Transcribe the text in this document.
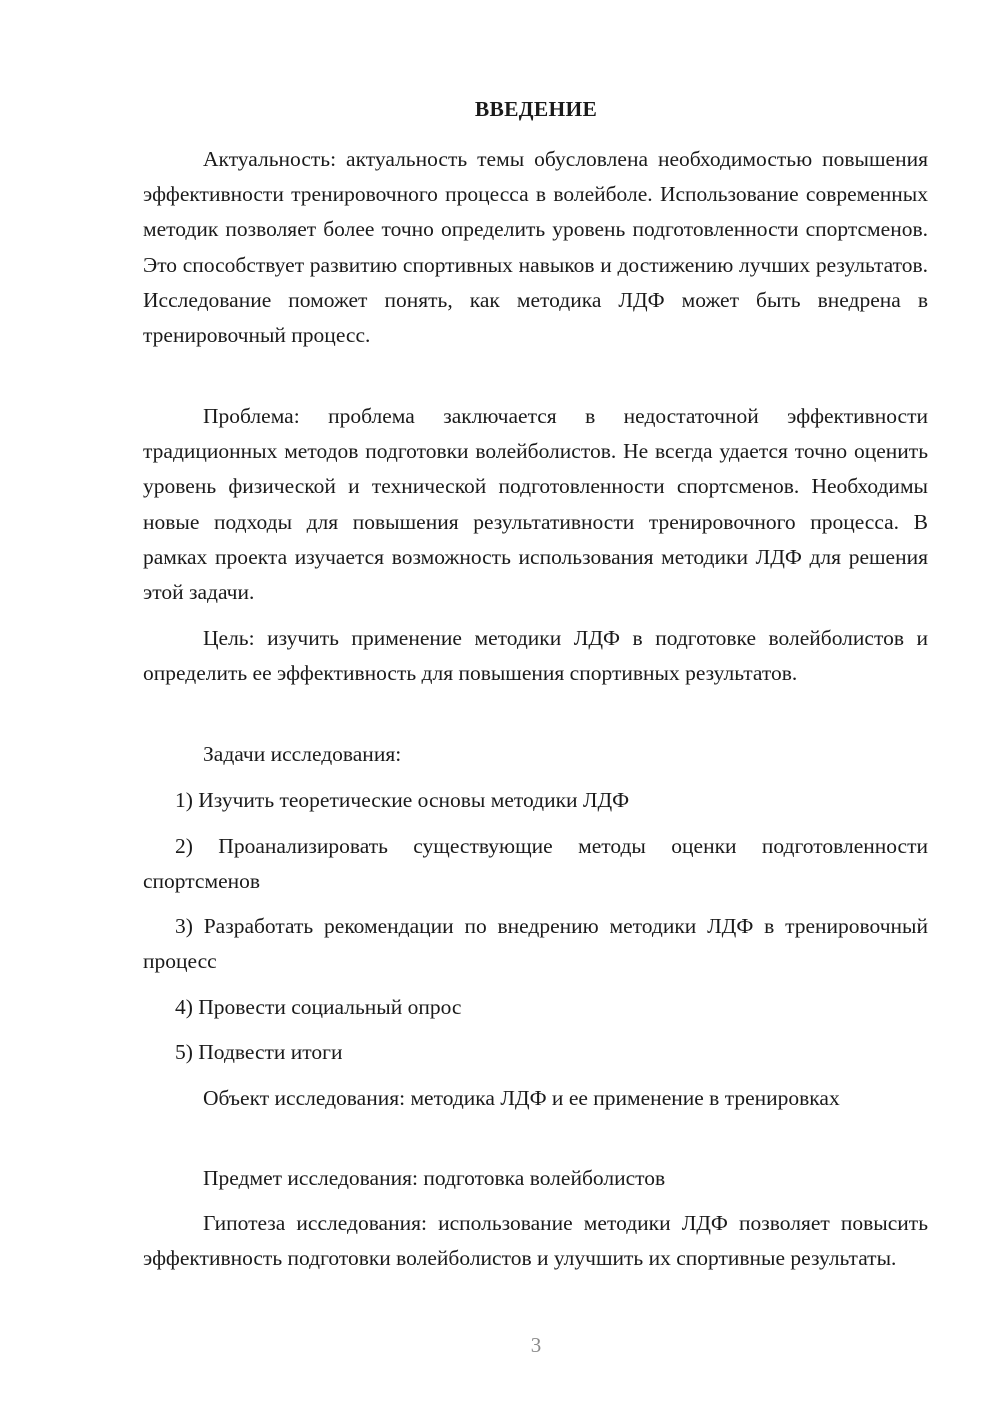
ВВЕДЕНИЕ

Актуальность: актуальность темы обусловлена необходимостью повышения эффективности тренировочного процесса в волейболе. Использование современных методик позволяет более точно определить уровень подготовленности спортсменов. Это способствует развитию спортивных навыков и достижению лучших результатов. Исследование поможет понять, как методика ЛДФ может быть внедрена в тренировочный процесс.

Проблема: проблема заключается в недостаточной эффективности традиционных методов подготовки волейболистов. Не всегда удается точно оценить уровень физической и технической подготовленности спортсменов. Необходимы новые подходы для повышения результативности тренировочного процесса. В рамках проекта изучается возможность использования методики ЛДФ для решения этой задачи.

Цель: изучить применение методики ЛДФ в подготовке волейболистов и определить ее эффективность для повышения спортивных результатов.

Задачи исследования:

1) Изучить теоретические основы методики ЛДФ

2) Проанализировать существующие методы оценки подготовленности спортсменов

3) Разработать рекомендации по внедрению методики ЛДФ в тренировочный процесс

4) Провести социальный опрос

5) Подвести итоги

Объект исследования: методика ЛДФ и ее применение в тренировках

Предмет исследования: подготовка волейболистов

Гипотеза исследования: использование методики ЛДФ позволяет повысить эффективность подготовки волейболистов и улучшить их спортивные результаты.

3
